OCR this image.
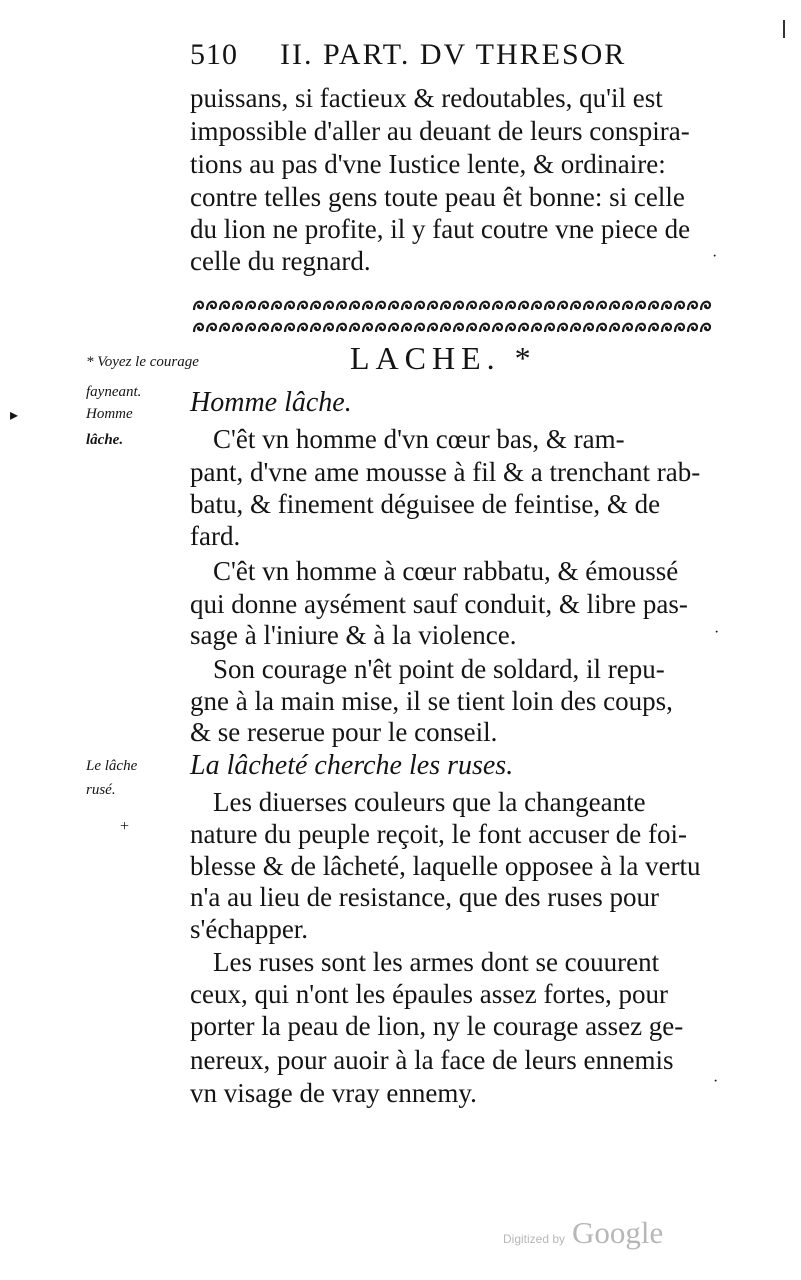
510 II. PART. DV THRESOR
puissans, si factieux & redoutables, qu'il est
impossible d'aller au deuant de leurs conspira-
tions au pas d'vne Iustice lente, & ordinaire:
contre telles gens toute peau êt bonne: si celle
du lion ne profite, il y faut coutre vne piece de
celle du regnard.
LACHE. *
* Voyez le courage
fayneant.
Homme
lâche.
▸	Homme lâche.
C'êt vn homme d'vn cœur bas, & ram-
pant, d'vne ame mousse à fil & a trenchant rab-
batu, & finement déguisee de feintise, & de
fard.
C'êt vn homme à cœur rabbatu, & émoussé
qui donne aysément sauf conduit, & libre pas-
sage à l'iniure & à la violence.
Son courage n'êt point de soldard, il repu-
gne à la main mise, il se tient loin des coups,
& se reserue pour le conseil.
Le lâche
rusé.
+
La lâcheté cherche les ruses.
Les diuerses couleurs que la changeante
nature du peuple reçoit, le font accuser de foi-
blesse & de lâcheté, laquelle opposee à la vertu
n'a au lieu de resistance, que des ruses pour
s'échapper.
Les ruses sont les armes dont se couurent
ceux, qui n'ont les épaules assez fortes, pour
porter la peau de lion, ny le courage assez ge-
nereux, pour auoir à la face de leurs ennemis
vn visage de vray ennemy.
·
·
·
Digitized by Google
